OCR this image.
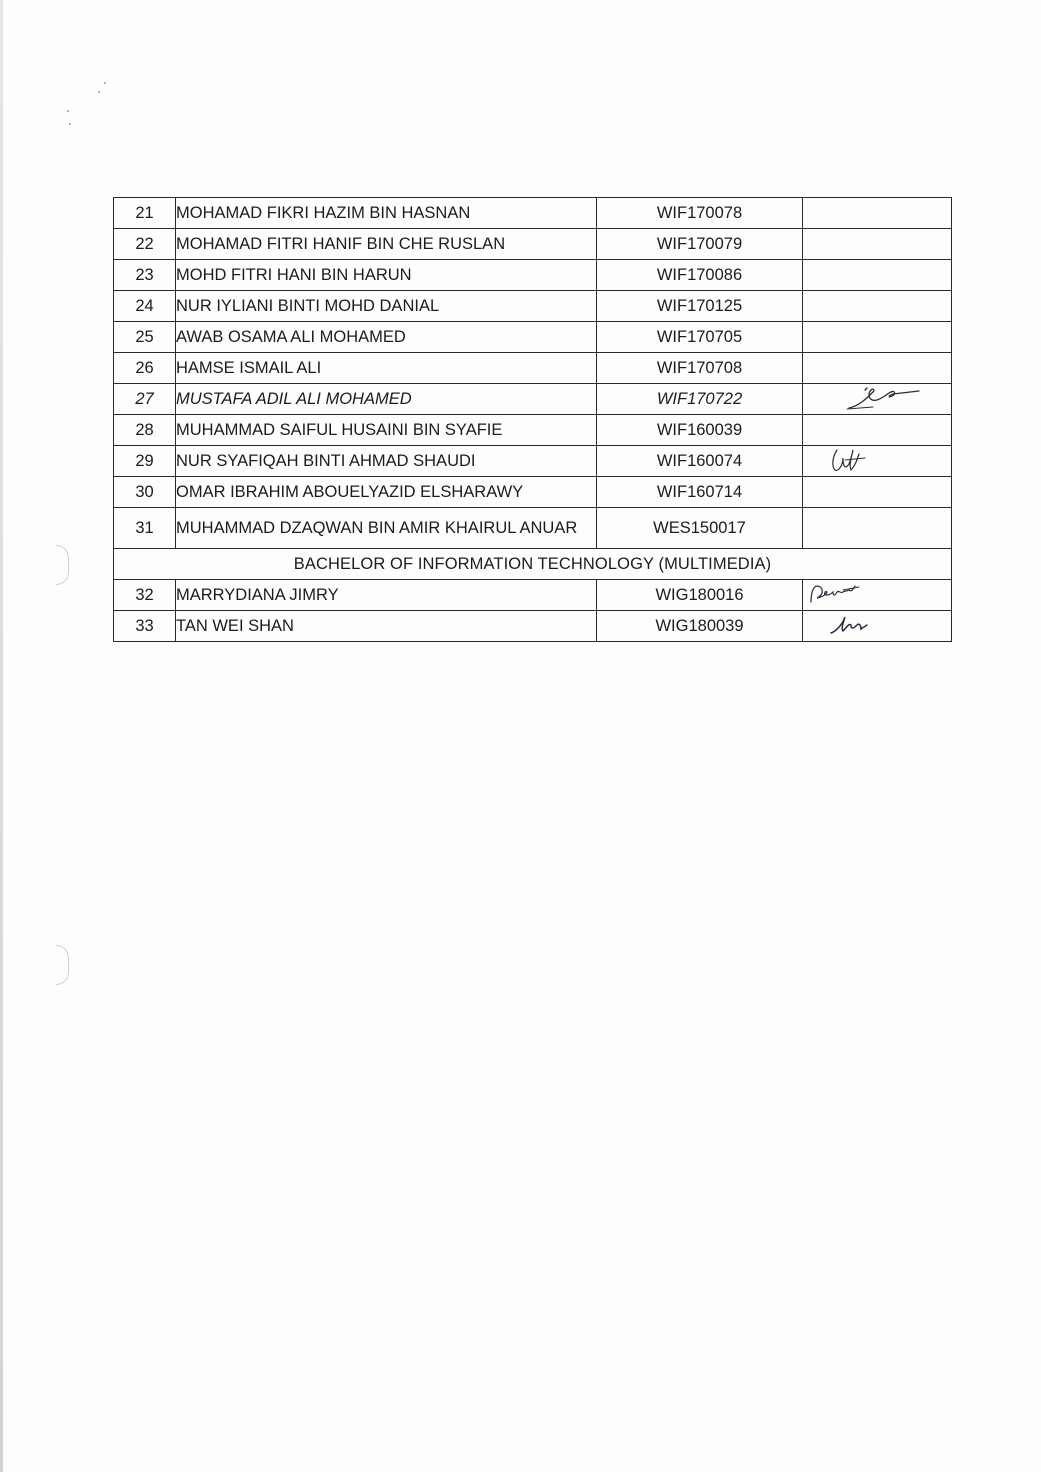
21	MOHAMAD FIKRI HAZIM BIN HASNAN	WIF170078	
22	MOHAMAD FITRI HANIF BIN CHE RUSLAN	WIF170079	
23	MOHD FITRI HANI BIN HARUN	WIF170086	
24	NUR IYLIANI BINTI MOHD DANIAL	WIF170125	
25	AWAB OSAMA ALI MOHAMED	WIF170705	
26	HAMSE ISMAIL ALI	WIF170708	
27	MUSTAFA ADIL ALI MOHAMED	WIF170722	

28	MUHAMMAD SAIFUL HUSAINI BIN SYAFIE	WIF160039	
29	NUR SYAFIQAH BINTI AHMAD SHAUDI	WIF160074	

30	OMAR IBRAHIM ABOUELYAZID ELSHARAWY	WIF160714	
31	MUHAMMAD DZAQWAN BIN AMIR KHAIRUL ANUAR	WES150017	
BACHELOR OF INFORMATION TECHNOLOGY (MULTIMEDIA)			
32	MARRYDIANA JIMRY	WIG180016	

33	TAN WEI SHAN	WIG180039	
